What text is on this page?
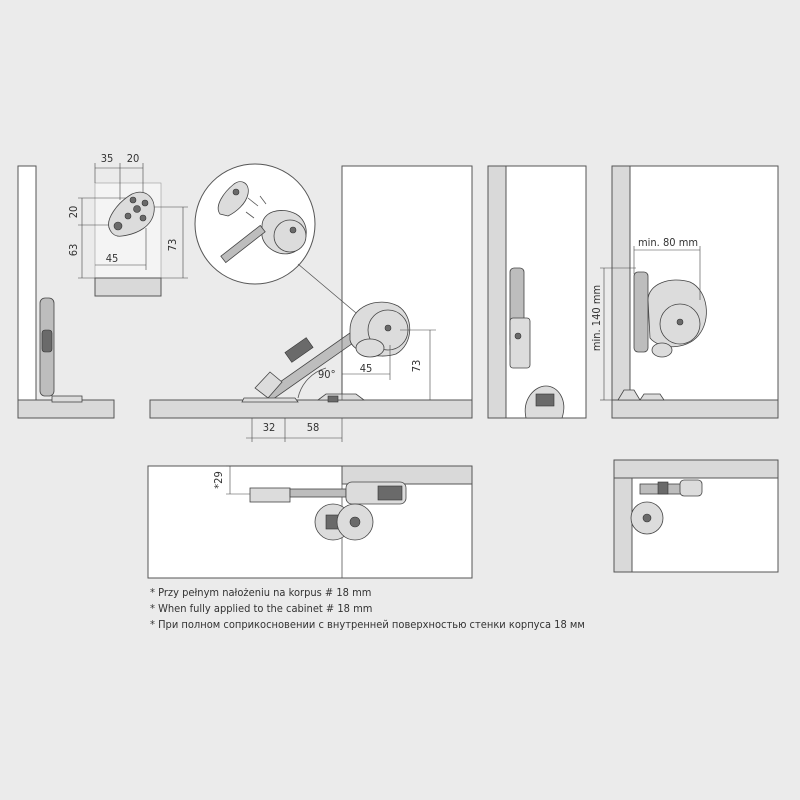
35 20
20
63
45
73
90° 45	73
32	58
min. 80 mm
min. 140 mm
*29
* Przy pełnym nałożeniu na korpus # 18 mm
* When fully applied to the cabinet # 18 mm
* При полном соприкосновении с внутренней поверхностью стенки корпуса 18 мм
